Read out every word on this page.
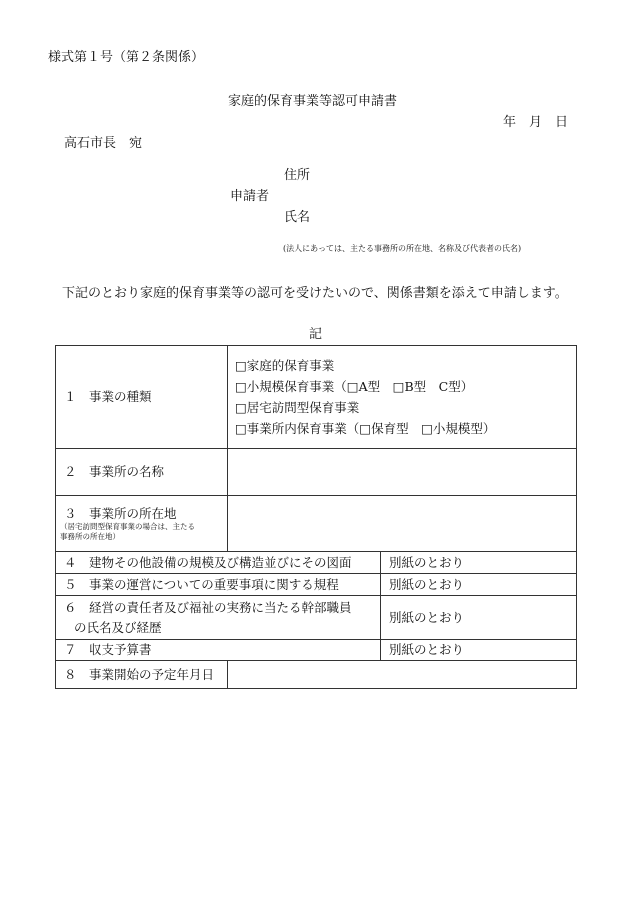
様式第１号（第２条関係）
家庭的保育事業等認可申請書
年　月　日
高石市長　宛
住所
申請者
氏名
(法人にあっては、主たる事務所の所在地、名称及び代表者の氏名)
下記のとおり家庭的保育事業等の認可を受けたいので、関係書類を添えて申請します。
記
１　事業の種類	□家庭的保育事業
□小規模保育事業（□A型　□B型　C型）
□居宅訪問型保育事業
□事業所内保育事業（□保育型　□小規模型）	

２　事業所の名称		
３　事業所の所在地
（居宅訪問型保育事業の場合は、主たる
事務所の所在地）		

４　建物その他設備の規模及び構造並びにその図面		別紙のとおり
５　事業の運営についての重要事項に関する規程		別紙のとおり

６　経営の責任者及び福祉の実務に当たる幹部職員
の氏名及び経歴		別紙のとおり
７　収支予算書		別紙のとおり
８　事業開始の予定年月日		
